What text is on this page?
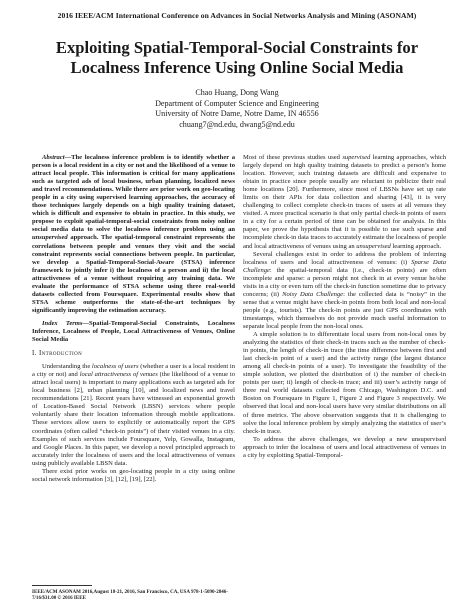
2016 IEEE/ACM International Conference on Advances in Social Networks Analysis and Mining (ASONAM)
Exploiting Spatial-Temporal-Social Constraints for
Localness Inference Using Online Social Media
Chao Huang, Dong Wang
Department of Computer Science and Engineering
University of Notre Dame, Notre Dame, IN 46556
chuang7@nd.edu, dwang5@nd.edu

Abstract—The localness inference problem is to identify whether a person is a local resident in a city or not and the likelihood of a venue to attract local people. This information is critical for many applications such as targeted ads of local business, urban planning, localized news and travel recommendations. While there are prior work on geo-locating people in a city using supervised learning approaches, the accuracy of those techniques largely depends on a high quality training dataset, which is difficult and expensive to obtain in practice. In this study, we propose to exploit spatial-temporal-social constraints from noisy online social media data to solve the localness inference problem using an unsupervised approach. The spatial-temporal constraint represents the correlations between people and venues they visit and the social constraint represents social connections between people. In particular, we develop a Spatial-Temporal-Social-Aware (STSA) inference framework to jointly infer i) the localness of a person and ii) the local attractiveness of a venue without requiring any training data. We evaluate the performance of STSA scheme using three real-world datasets collected from Foursquare. Experimental results show that STSA scheme outperforms the state-of-the-art techniques by significantly improving the estimation accuracy.

Index Terms—Spatial-Temporal-Social Constraints, Localness Inference, Localness of People, Local Attractiveness of Venues, Online Social Media

I. Introduction

Understanding the localness of users (whether a user is a local resident in a city or not) and local attractiveness of venues (the likelihood of a venue to attract local users) is important to many applications such as targeted ads for local business [2], urban planning [10], and localized news and travel recommendations [21]. Recent years have witnessed an exponential growth of Location-Based Social Network (LBSN) services where people voluntarily share their location information through mobile applications. These services allow users to explicitly or automatically report the GPS coordinates (often called “check-in points”) of their visited venues in a city. Examples of such services include Foursquare, Yelp, Gowalla, Instagram, and Google Places. In this paper, we develop a novel principled approach to accurately infer the localness of users and the local attractiveness of venues using publicly available LBSN data.

There exist prior works on geo-locating people in a city using online social network information [3], [12], [19], [22].

IEEE/ACM ASONAM 2016,August 18-21, 2016, San Francisco, CA, USA 978-1-5090-2846-7/16/$31.00 © 2016 IEEE

Most of these previous studies used supervised learning approaches, which largely depend on high quality training datasets to predict a person’s home location. However, such training datasets are difficult and expensive to obtain in practice since people usually are reluctant to publicize their real home locations [20]. Furthermore, since most of LBSNs have set up rate limits on their APIs for data collection and sharing [43], it is very challenging to collect complete check-in traces of users at all venues they visited. A more practical scenario is that only partial check-in points of users in a city for a certain period of time can be obtained for analysis. In this paper, we prove the hypothesis that it is possible to use such sparse and incomplete check-in data traces to accurately estimate the localness of people and local attractiveness of venues using an unsupervised learning approach.

Several challenges exist in order to address the problem of inferring localness of users and local attractiveness of venues: (i) Sparse Data Challenge: the spatial-temporal data (i.e., check-in points) are often incomplete and sparse: a person might not check in at every venue he/she visits in a city or even turn off the check-in function sometime due to privacy concerns; (ii) Noisy Data Challenge: the collected data is “noisy” in the sense that a venue might have check-in points from both local and non-local people (e.g., tourists). The check-in points are just GPS coordinates with timestamps, which themselves do not provide much useful information to separate local people from the non-local ones.

A simple solution is to differentiate local users from non-local ones by analyzing the statistics of their check-in traces such as the number of check-in points, the length of check-in trace (the time difference between first and last check-in point of a user) and the activity range (the largest distance among all check-in points of a user). To investigate the feasibility of the simple solution, we plotted the distribution of i) the number of check-in points per user; ii) length of check-in trace; and iii) user’s activity range of three real world datasets collected from Chicago, Washington D.C. and Boston on Foursquare in Figure 1, Figure 2 and Figure 3 respectively. We observed that local and non-local users have very similar distributions on all of three metrics. The above observation suggests that it is challenging to solve the local inference problem by simply analyzing the statistics of user’s check-in trace.

To address the above challenges, we develop a new unsupervised approach to infer the localness of users and local attractiveness of venues in a city by exploiting Spatial-Temporal-
